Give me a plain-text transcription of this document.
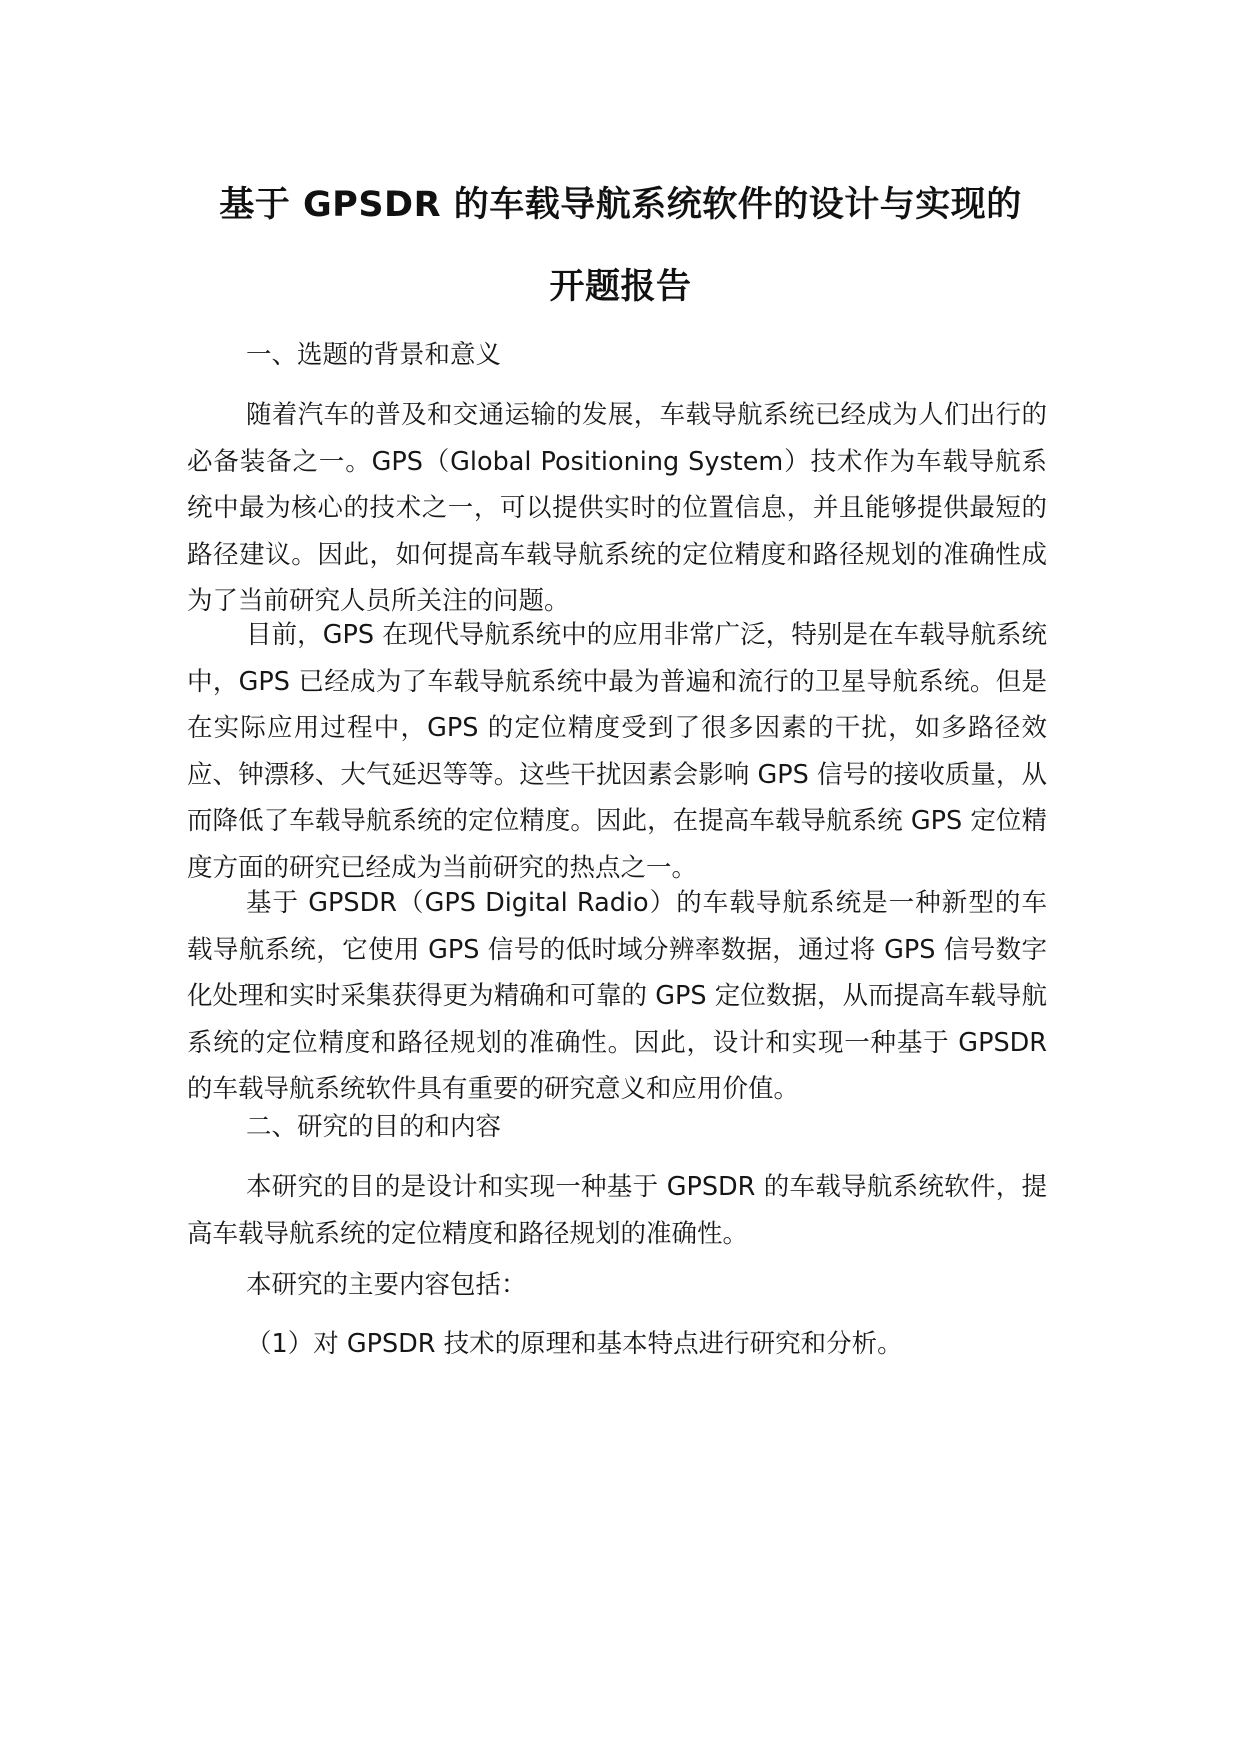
基于 GPSDR 的车载导航系统软件的设计与实现的
开题报告

一、选题的背景和意义

随着汽车的普及和交通运输的发展，车载导航系统已经成为人们出行的必备装备之一。GPS（Global Positioning System）技术作为车载导航系统中最为核心的技术之一，可以提供实时的位置信息，并且能够提供最短的路径建议。因此，如何提高车载导航系统的定位精度和路径规划的准确性成为了当前研究人员所关注的问题。

目前，GPS 在现代导航系统中的应用非常广泛，特别是在车载导航系统中，GPS 已经成为了车载导航系统中最为普遍和流行的卫星导航系统。但是在实际应用过程中，GPS 的定位精度受到了很多因素的干扰，如多路径效应、钟漂移、大气延迟等等。这些干扰因素会影响 GPS 信号的接收质量，从而降低了车载导航系统的定位精度。因此，在提高车载导航系统 GPS 定位精度方面的研究已经成为当前研究的热点之一。

基于 GPSDR（GPS Digital Radio）的车载导航系统是一种新型的车载导航系统，它使用 GPS 信号的低时域分辨率数据，通过将 GPS 信号数字化处理和实时采集获得更为精确和可靠的 GPS 定位数据，从而提高车载导航系统的定位精度和路径规划的准确性。因此，设计和实现一种基于 GPSDR 的车载导航系统软件具有重要的研究意义和应用价值。

二、研究的目的和内容

本研究的目的是设计和实现一种基于 GPSDR 的车载导航系统软件，提高车载导航系统的定位精度和路径规划的准确性。

本研究的主要内容包括：

（1）对 GPSDR 技术的原理和基本特点进行研究和分析。
